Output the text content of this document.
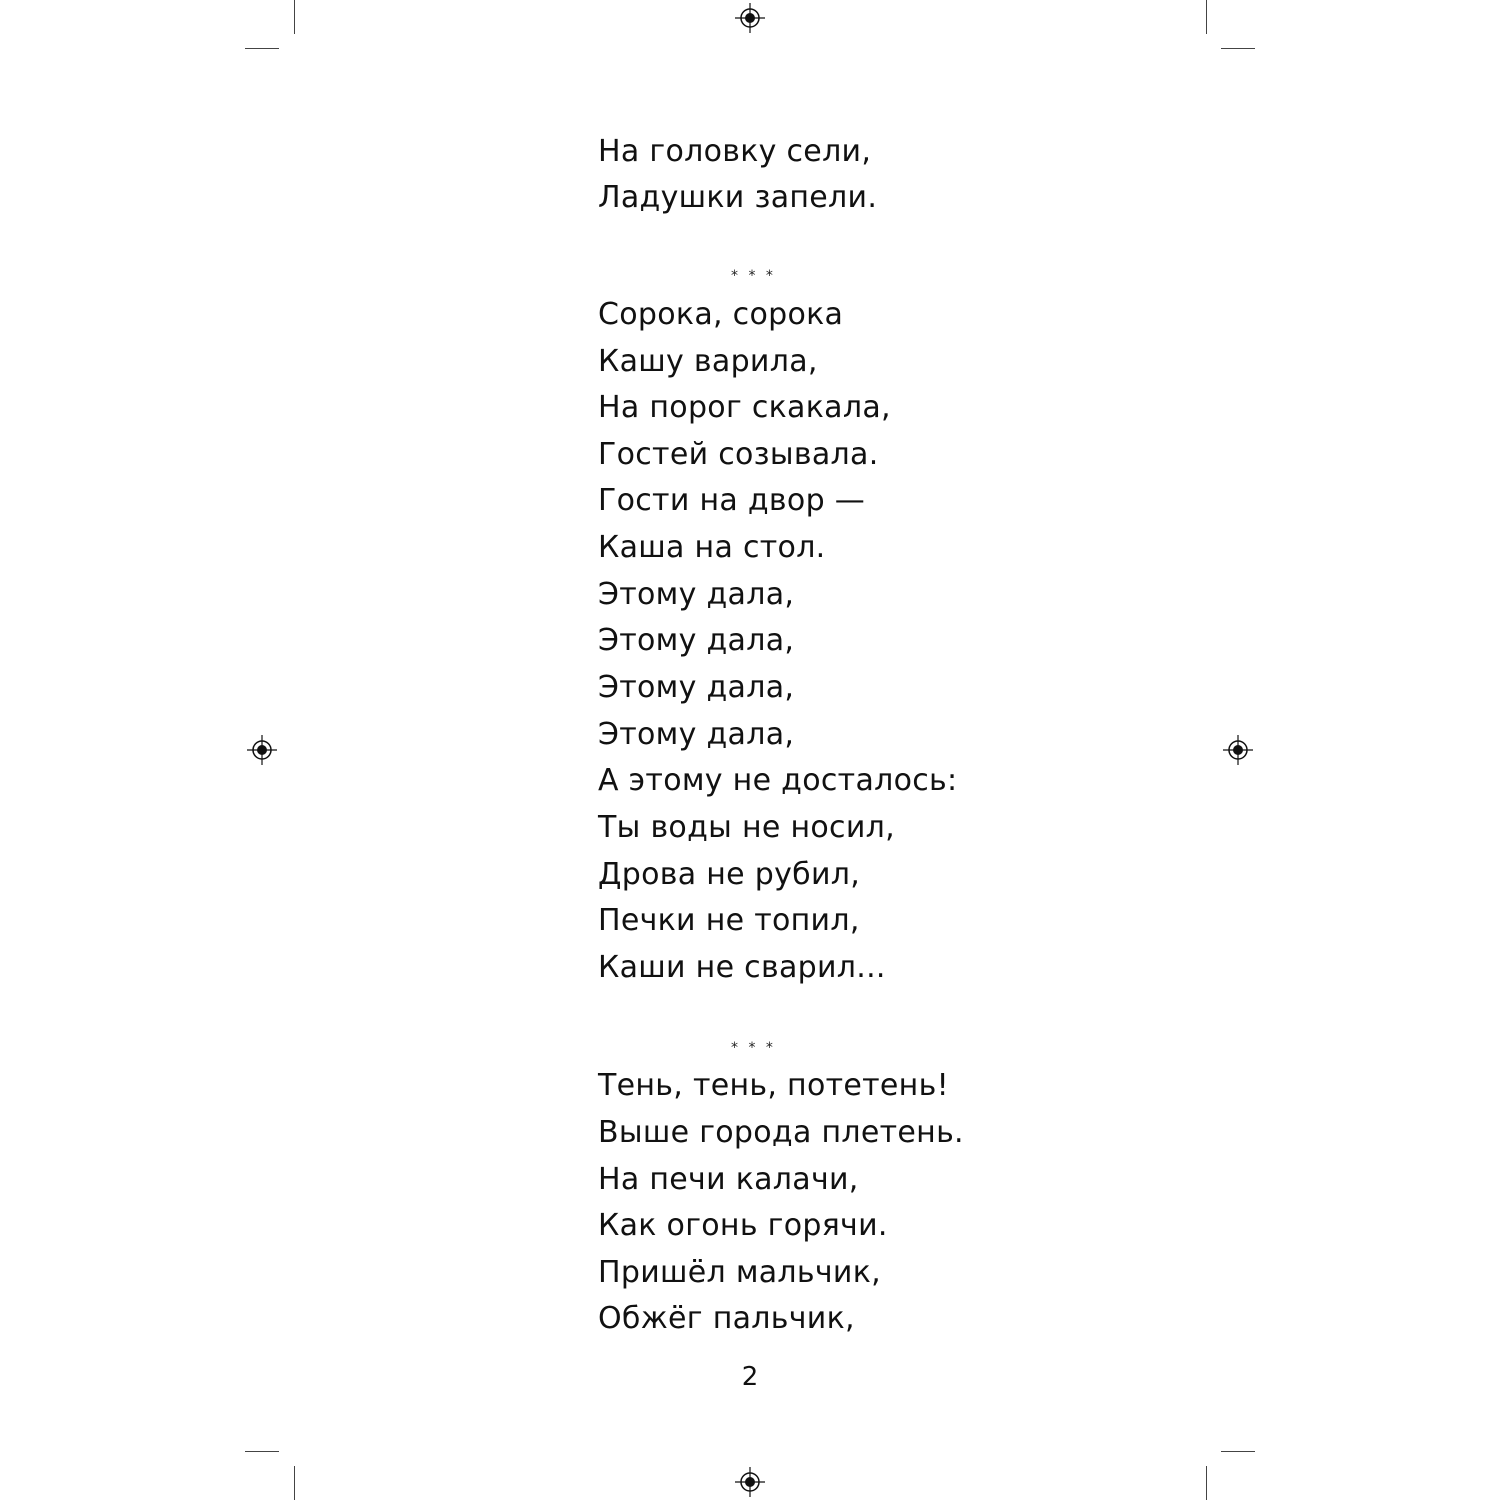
На головку сели,
Ладушки запели.
* * *
Сорока, сорока
Кашу варила,
На порог скакала,
Гостей созывала.
Гости на двор —
Каша на стол.
Этому дала,
Этому дала,
Этому дала,
Этому дала,
А этому не досталось:
Ты воды не носил,
Дрова не рубил,
Печки не топил,
Каши не сварил...
* * *
Тень, тень, потетень!
Выше города плетень.
На печи калачи,
Как огонь горячи.
Пришёл мальчик,
Обжёг пальчик,
2
